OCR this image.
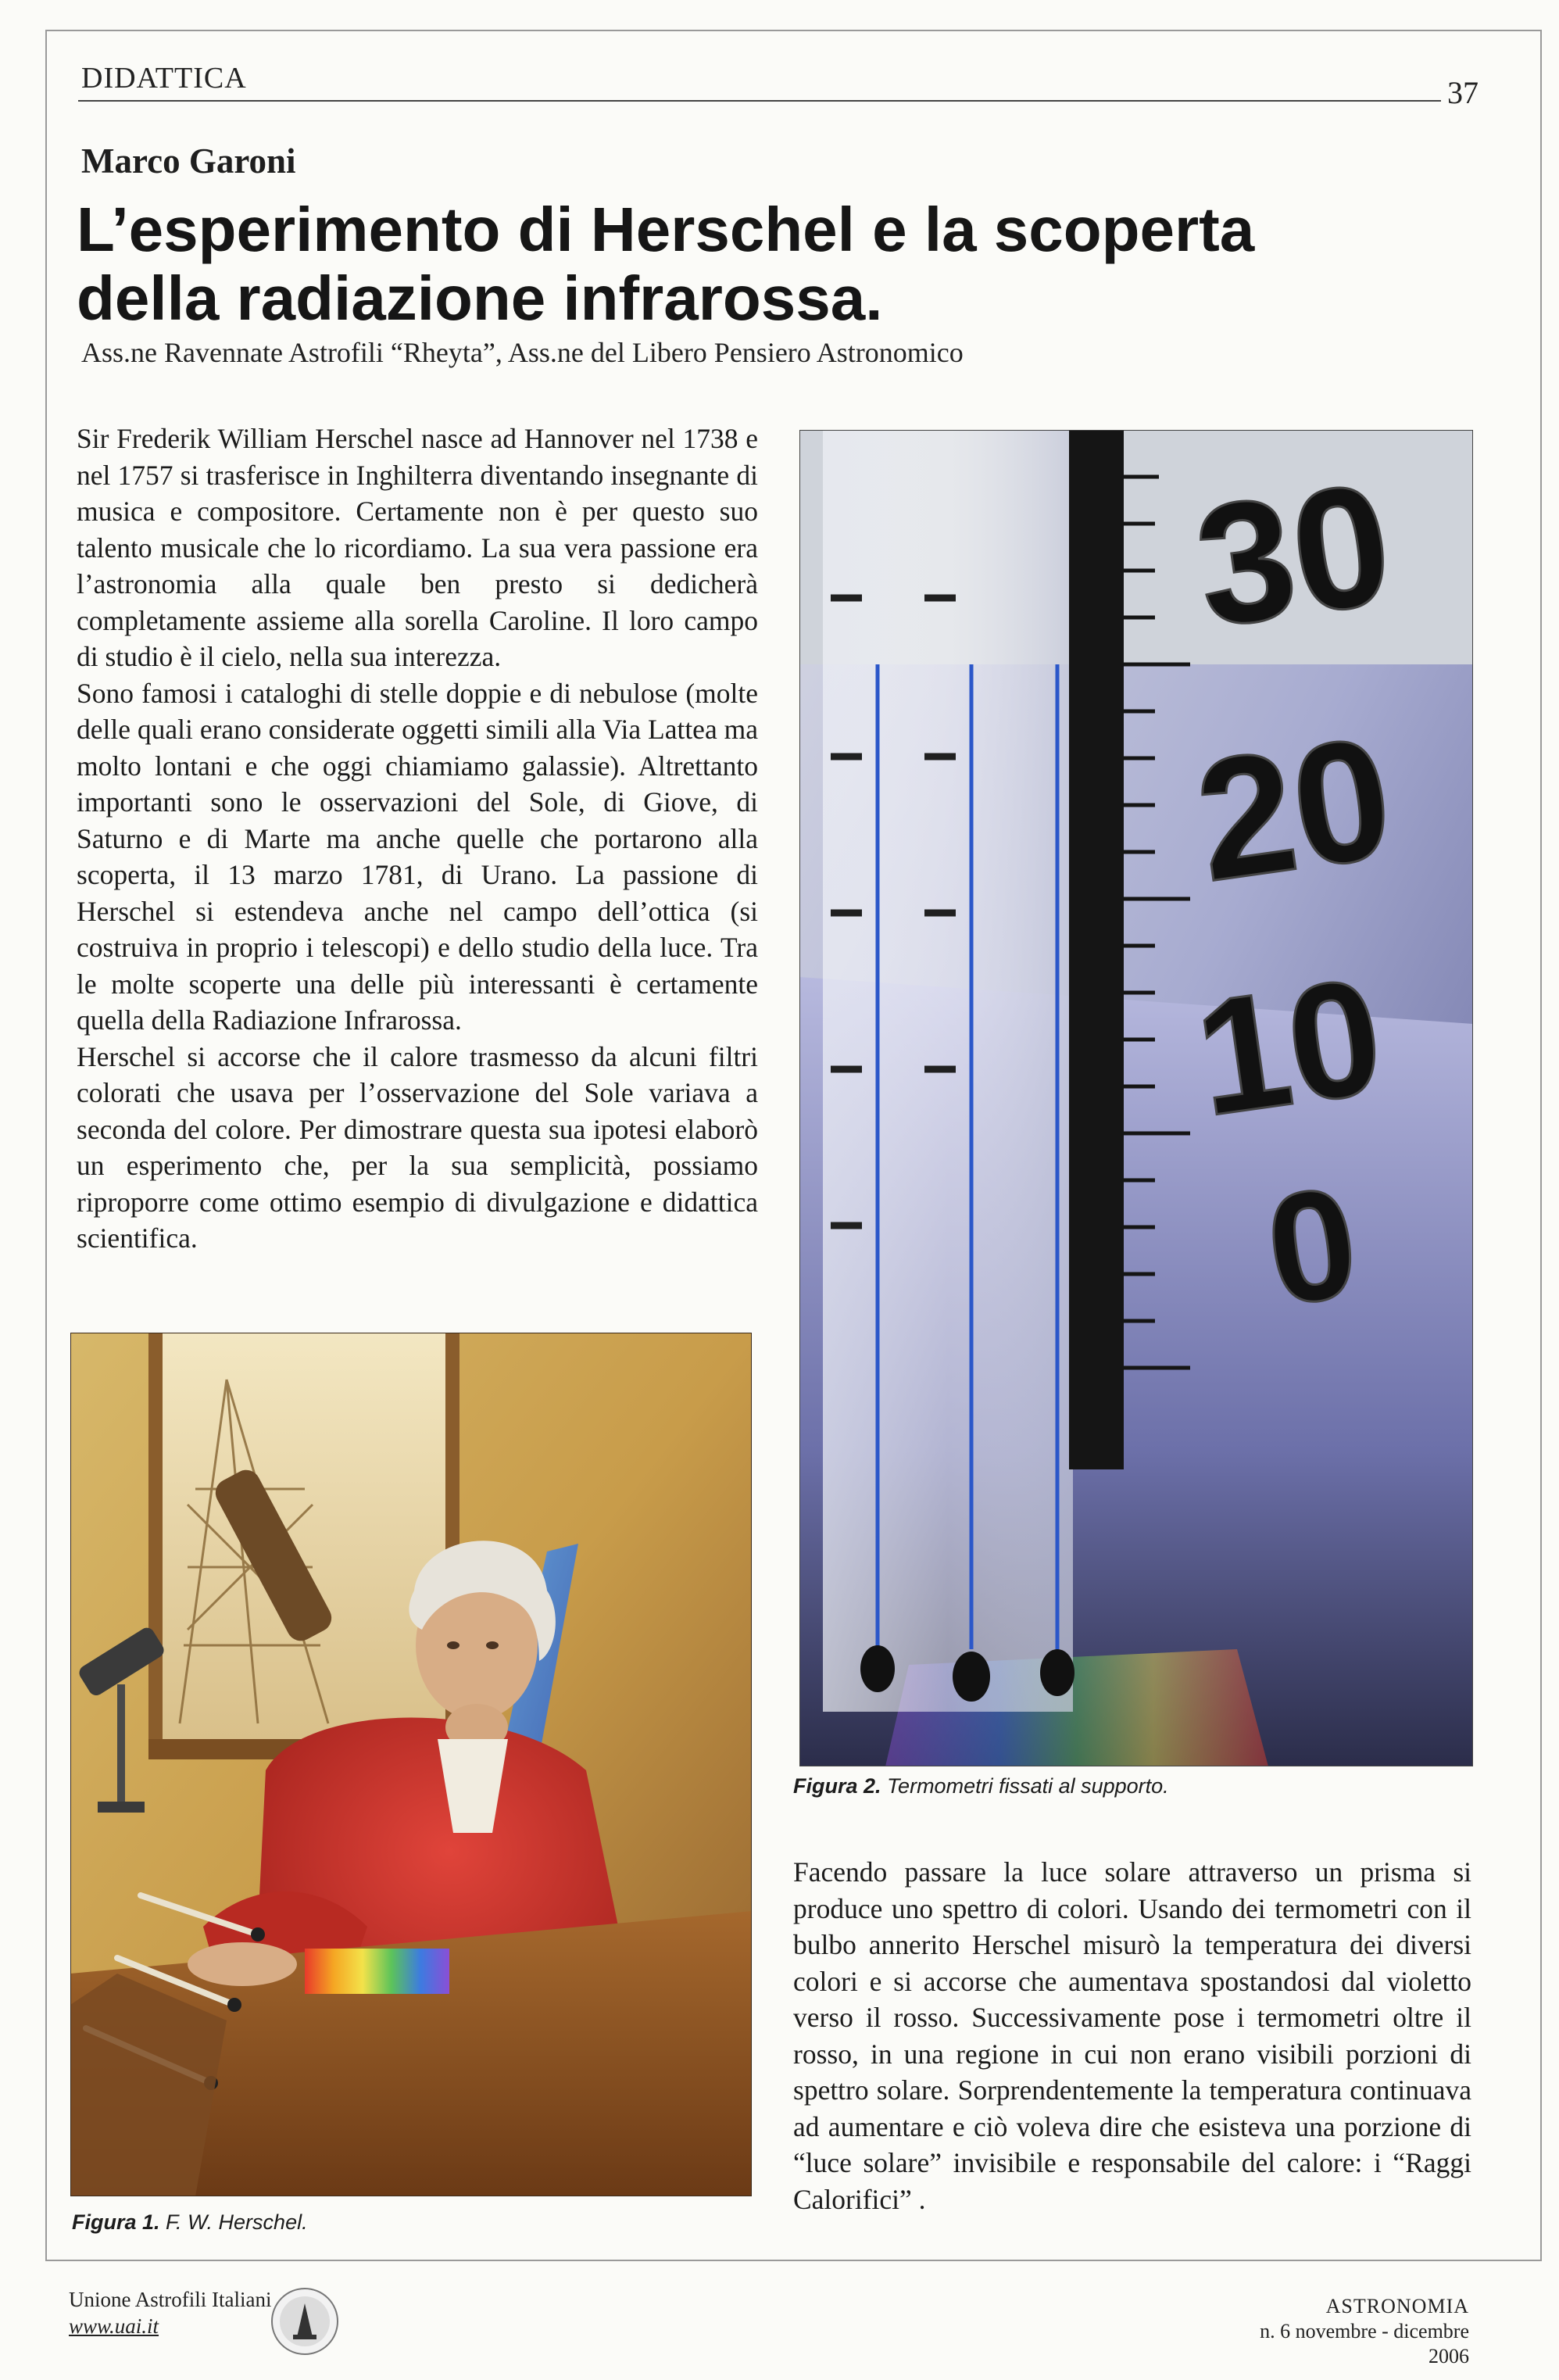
DIDATTICA	37
Marco Garoni
L’esperimento di Herschel e la scoperta della radiazione infrarossa.
Ass.ne Ravennate Astrofili “Rheyta”, Ass.ne del Libero Pensiero Astronomico

Sir Frederik William Herschel nasce ad Hannover nel 1738 e nel 1757 si trasferisce in Inghilterra diventando insegnante di musica e compositore. Certamente non è per questo suo talento musicale che lo ricordiamo. La sua vera passione era l’astronomia alla quale ben presto si dedicherà completamente assieme alla sorella Caroline. Il loro campo di studio è il cielo, nella sua interezza.

Sono famosi i cataloghi di stelle doppie e di nebulose (molte delle quali erano considerate oggetti simili alla Via Lattea ma molto lontani e che oggi chiamiamo galassie). Altrettanto importanti sono le osservazioni del Sole, di Giove, di Saturno e di Marte ma anche quelle che portarono alla scoperta, il 13 marzo 1781, di Urano. La passione di Herschel si estendeva anche nel campo dell’ottica (si costruiva in proprio i telescopi) e dello studio della luce. Tra le molte scoperte una delle più interessanti è certamente quella della Radiazione Infrarossa.

Herschel si accorse che il calore trasmesso da alcuni filtri colorati che usava per l’osservazione del Sole variava a seconda del colore. Per dimostrare questa sua ipotesi elaborò un esperimento che, per la sua semplicità, possiamo riproporre come ottimo esempio di divulgazione e didattica scientifica.

Figura 1. F. W. Herschel.
30
20
10
0
Figura 2. Termometri fissati al supporto.

Facendo passare la luce solare attraverso un prisma si produce uno spettro di colori. Usando dei termometri con il bulbo annerito Herschel misurò la temperatura dei diversi colori e si accorse che aumentava spostandosi dal violetto verso il rosso. Successivamente pose i termometri oltre il rosso, in una regione in cui non erano visibili porzioni di spettro solare. Sorprendentemente la temperatura continuava ad aumentare e ciò voleva dire che esisteva una porzione di “luce solare” invisibile e responsabile del calore: i “Raggi Calorifici” .

Unione Astrofili Italiani
www.uai.it
ASTRONOMIA
n. 6 novembre - dicembre 2006
